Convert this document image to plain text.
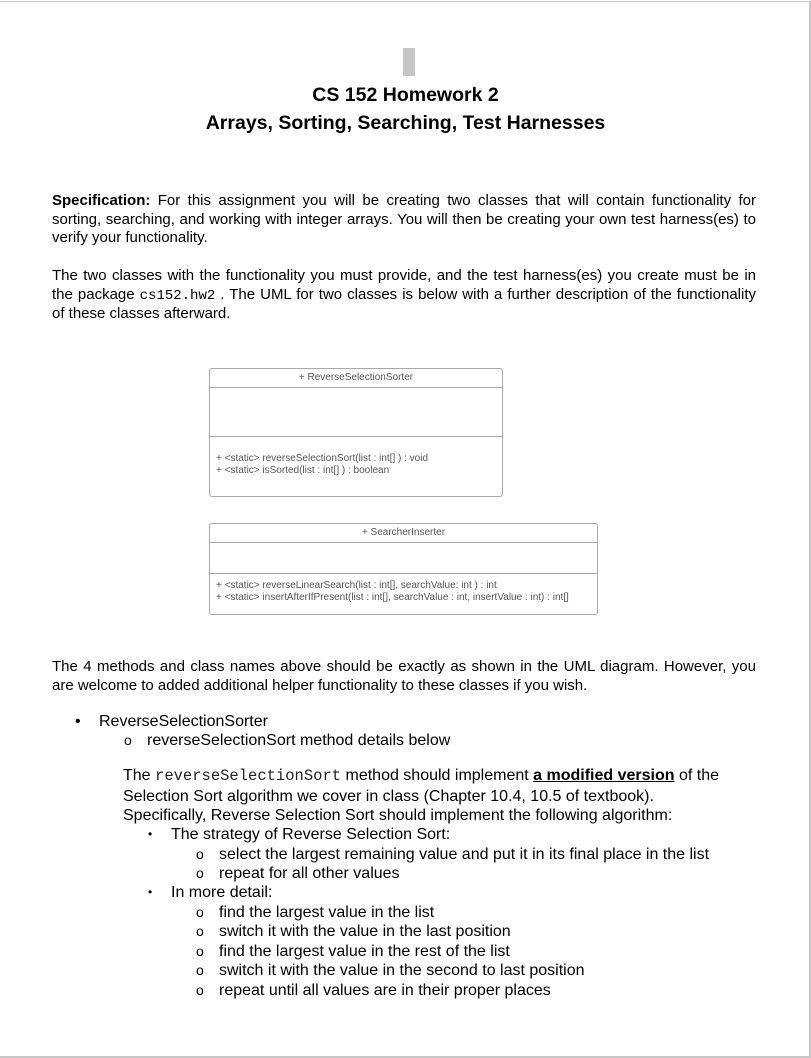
CS 152 Homework 2
Arrays, Sorting, Searching, Test Harnesses
Specification: For this assignment you will be creating two classes that will contain functionality for sorting, searching, and working with integer arrays. You will then be creating your own test harness(es) to verify your functionality.
The two classes with the functionality you must provide, and the test harness(es) you create must be in the package cs152.hw2 . The UML for two classes is below with a further description of the functionality of these classes afterward.
+ ReverseSelectionSorter
+ <static> reverseSelectionSort(list : int[] ) : void
+ <static> isSorted(list : int[] ) : boolean
+ SearcherInserter
+ <static> reverseLinearSearch(list : int[], searchValue: int ) : int
+ <static> insertAfterIfPresent(list : int[], searchValue : int, insertValue : int) : int[]
The 4 methods and class names above should be exactly as shown in the UML diagram. However, you are welcome to added additional helper functionality to these classes if you wish.
• ReverseSelectionSorter
o reverseSelectionSort method details below
The reverseSelectionSort method should implement a modified version of the
Selection Sort algorithm we cover in class (Chapter 10.4, 10.5 of textbook).
Specifically, Reverse Selection Sort should implement the following algorithm:
• The strategy of Reverse Selection Sort:
o select the largest remaining value and put it in its final place in the list
o repeat for all other values
• In more detail:
o find the largest value in the list
o switch it with the value in the last position
o find the largest value in the rest of the list
o switch it with the value in the second to last position
o repeat until all values are in their proper places
